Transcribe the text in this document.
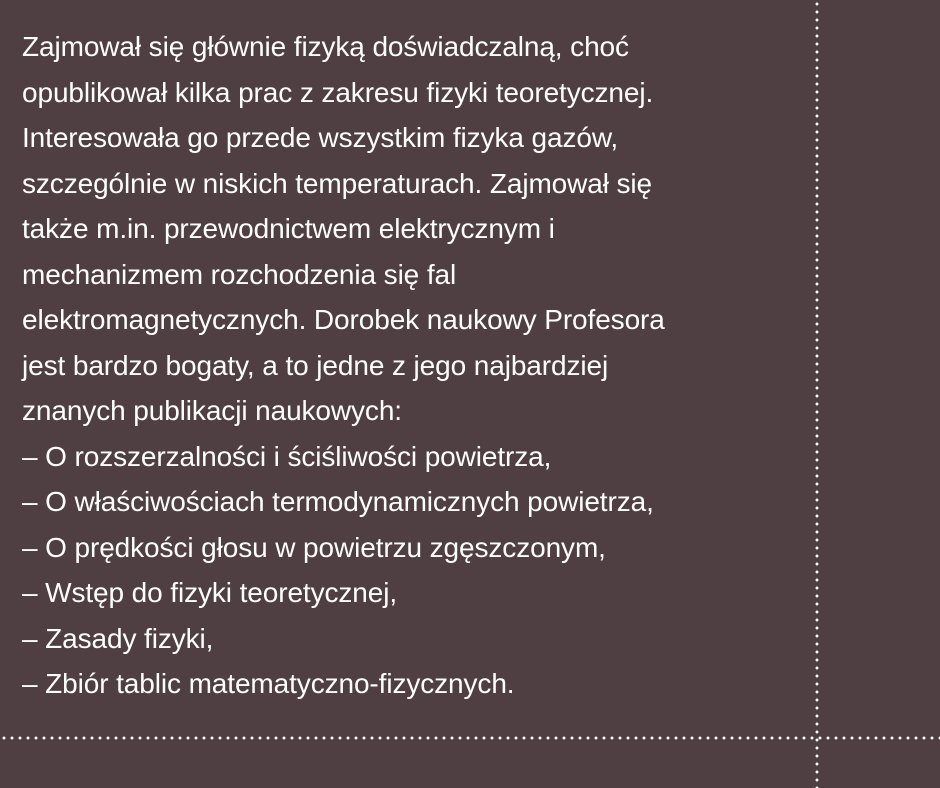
Zajmował się głównie fizyką doświadczalną, choć
opublikował kilka prac z zakresu fizyki teoretycznej.
Interesowała go przede wszystkim fizyka gazów,
szczególnie w niskich temperaturach. Zajmował się
także m.in. przewodnictwem elektrycznym i
mechanizmem rozchodzenia się fal
elektromagnetycznych. Dorobek naukowy Profesora
jest bardzo bogaty, a to jedne z jego najbardziej
znanych publikacji naukowych:
– O rozszerzalności i ściśliwości powietrza,
– O właściwościach termodynamicznych powietrza,
– O prędkości głosu w powietrzu zgęszczonym,
– Wstęp do fizyki teoretycznej,
– Zasady fizyki,
– Zbiór tablic matematyczno-fizycznych.
